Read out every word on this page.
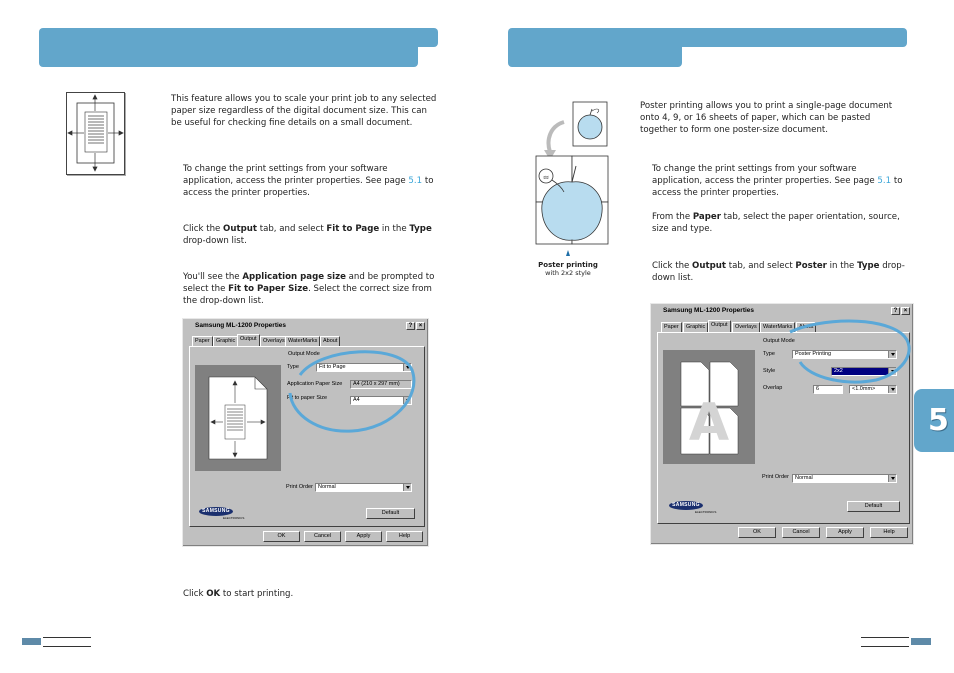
This feature allows you to scale your print job to any selected paper size regardless of the digital document size. This can be useful for checking fine details on a small document.
To change the print settings from your software application, access the printer properties. See page 5.1 to access the printer properties.
Click the Output tab, and select Fit to Page in the Type drop-down list.
You'll see the Application page size and be prompted to select the Fit to Paper Size. Select the correct size from the drop-down list.
Samsung ML-1200 Properties	?	×
Paper	Graphic Output	Overlays WaterMarks	About
Output Mode
Type	Fit to Page
Application Paper Size	A4 (210 x 297 mm)
Fit to paper Size	A4
Print Order Normal
SAMSUNG
ELECTRONICS
Default
OK	Cancel	Apply	Help
Click OK to start printing.
ಠಠ
Poster printing
with 2x2 style
Poster printing allows you to print a single-page document onto 4, 9, or 16 sheets of paper, which can be pasted together to form one poster-size document.
To change the print settings from your software application, access the printer properties. See page 5.1 to access the printer properties.
From the Paper tab, select the paper orientation, source, size and type.
Click the Output tab, and select Poster in the Type drop-down list.
Samsung ML-1200 Properties	?	×
Paper	Graphic	Output	Overlays	WaterMarks	About
A
Output Mode
Type	Poster Printing
Style	2x2
Overlap	6	<1.0mm>
Print Order	Normal
SAMSUNG
ELECTRONICS
Default
OK	Cancel	Apply	Help
5
